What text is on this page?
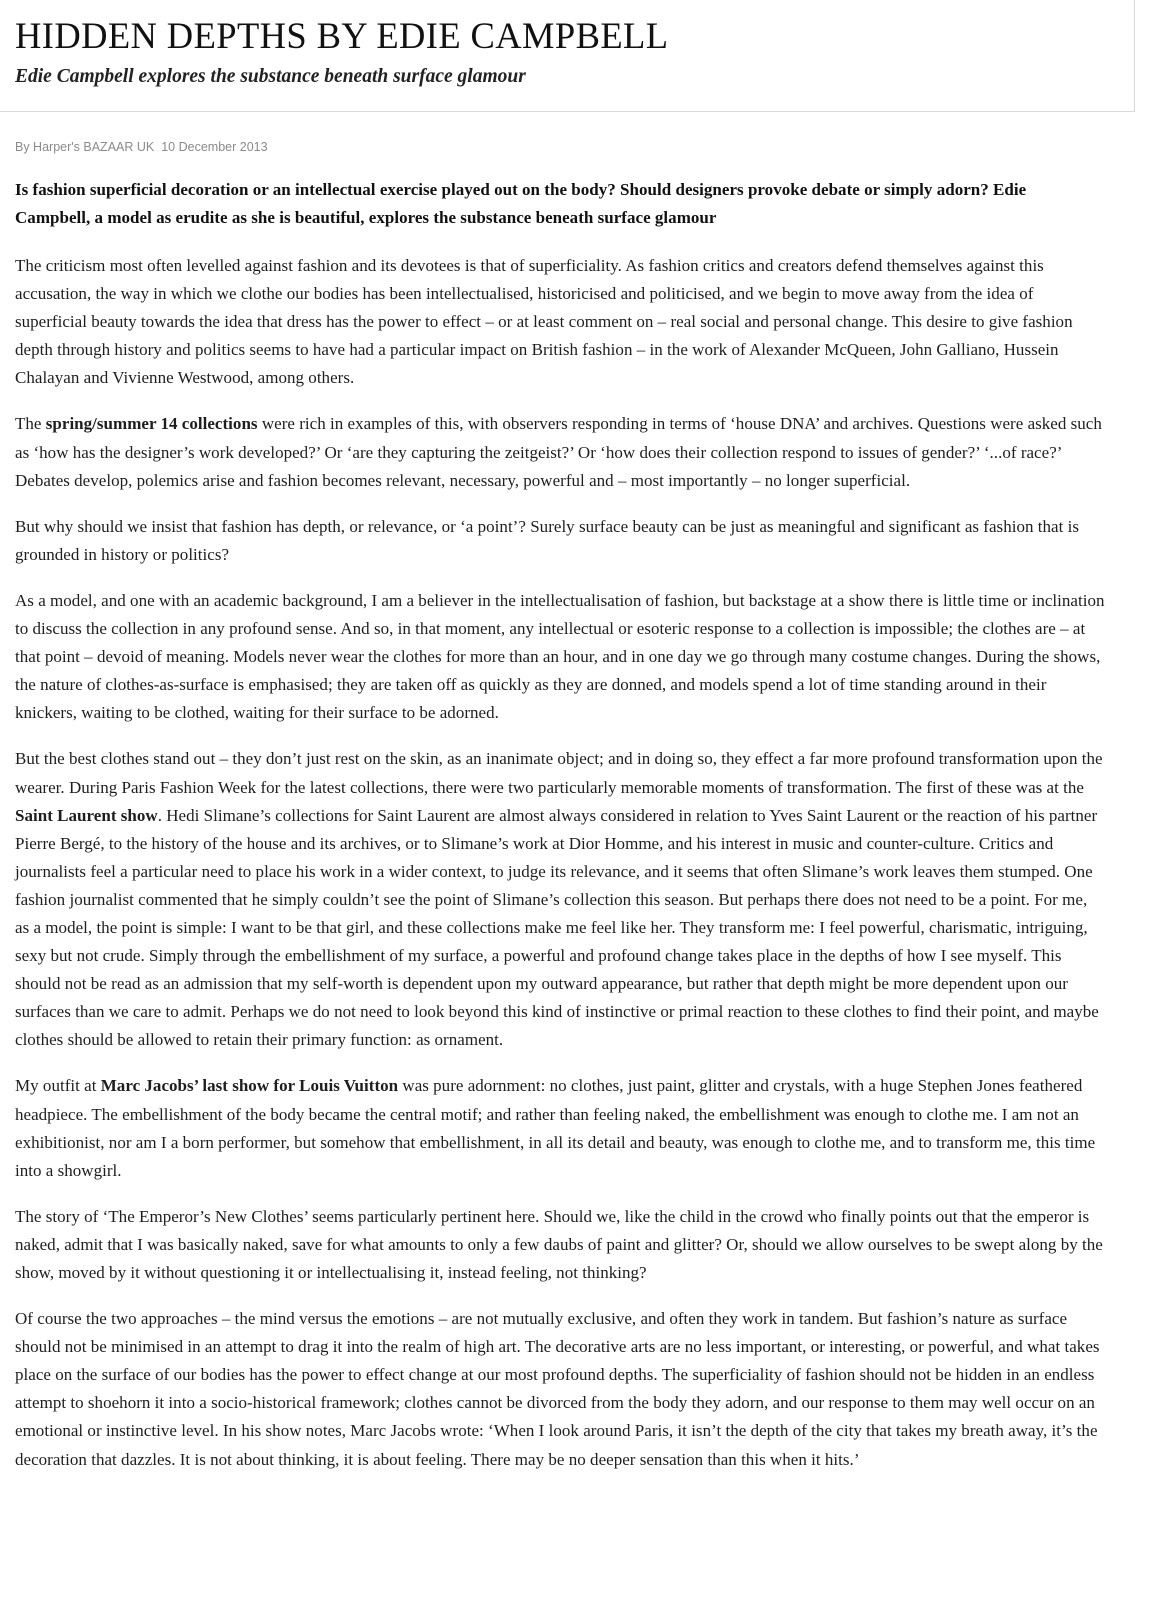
HIDDEN DEPTHS BY EDIE CAMPBELL
Edie Campbell explores the substance beneath surface glamour
By Harper's BAZAAR UK 10 December 2013

Is fashion superficial decoration or an intellectual exercise played out on the body? Should designers provoke debate or simply adorn? Edie Campbell, a model as erudite as she is beautiful, explores the substance beneath surface glamour

The criticism most often levelled against fashion and its devotees is that of superficiality. As fashion critics and creators defend themselves against this accusation, the way in which we clothe our bodies has been intellectualised, historicised and politicised, and we begin to move away from the idea of superficial beauty towards the idea that dress has the power to effect – or at least comment on – real social and personal change. This desire to give fashion depth through history and politics seems to have had a particular impact on British fashion – in the work of Alexander McQueen, John Galliano, Hussein Chalayan and Vivienne Westwood, among others.

The spring/summer 14 collections were rich in examples of this, with observers responding in terms of ‘house DNA’ and archives. Questions were asked such as ‘how has the designer’s work developed?’ Or ‘are they capturing the zeitgeist?’ Or ‘how does their collection respond to issues of gender?’ ‘...of race?’ Debates develop, polemics arise and fashion becomes relevant, necessary, powerful and – most importantly – no longer superficial.

But why should we insist that fashion has depth, or relevance, or ‘a point’? Surely surface beauty can be just as meaningful and significant as fashion that is grounded in history or politics?

As a model, and one with an academic background, I am a believer in the intellectualisation of fashion, but backstage at a show there is little time or inclination to discuss the collection in any profound sense. And so, in that moment, any intellectual or esoteric response to a collection is impossible; the clothes are – at that point – devoid of meaning. Models never wear the clothes for more than an hour, and in one day we go through many costume changes. During the shows, the nature of clothes-as-surface is emphasised; they are taken off as quickly as they are donned, and models spend a lot of time standing around in their knickers, waiting to be clothed, waiting for their surface to be adorned.

But the best clothes stand out – they don’t just rest on the skin, as an inanimate object; and in doing so, they effect a far more profound transformation upon the wearer. During Paris Fashion Week for the latest collections, there were two particularly memorable moments of transformation. The first of these was at the Saint Laurent show. Hedi Slimane’s collections for Saint Laurent are almost always considered in relation to Yves Saint Laurent or the reaction of his partner Pierre Bergé, to the history of the house and its archives, or to Slimane’s work at Dior Homme, and his interest in music and counter-culture. Critics and journalists feel a particular need to place his work in a wider context, to judge its relevance, and it seems that often Slimane’s work leaves them stumped. One fashion journalist commented that he simply couldn’t see the point of Slimane’s collection this season. But perhaps there does not need to be a point. For me, as a model, the point is simple: I want to be that girl, and these collections make me feel like her. They transform me: I feel powerful, charismatic, intriguing, sexy but not crude. Simply through the embellishment of my surface, a powerful and profound change takes place in the depths of how I see myself. This should not be read as an admission that my self-worth is dependent upon my outward appearance, but rather that depth might be more dependent upon our surfaces than we care to admit. Perhaps we do not need to look beyond this kind of instinctive or primal reaction to these clothes to find their point, and maybe clothes should be allowed to retain their primary function: as ornament.

My outfit at Marc Jacobs’ last show for Louis Vuitton was pure adornment: no clothes, just paint, glitter and crystals, with a huge Stephen Jones feathered headpiece. The embellishment of the body became the central motif; and rather than feeling naked, the embellishment was enough to clothe me. I am not an exhibitionist, nor am I a born performer, but somehow that embellishment, in all its detail and beauty, was enough to clothe me, and to transform me, this time into a showgirl.

The story of ‘The Emperor’s New Clothes’ seems particularly pertinent here. Should we, like the child in the crowd who finally points out that the emperor is naked, admit that I was basically naked, save for what amounts to only a few daubs of paint and glitter? Or, should we allow ourselves to be swept along by the show, moved by it without questioning it or intellectualising it, instead feeling, not thinking?

Of course the two approaches – the mind versus the emotions – are not mutually exclusive, and often they work in tandem. But fashion’s nature as surface should not be minimised in an attempt to drag it into the realm of high art. The decorative arts are no less important, or interesting, or powerful, and what takes place on the surface of our bodies has the power to effect change at our most profound depths. The superficiality of fashion should not be hidden in an endless attempt to shoehorn it into a socio-historical framework; clothes cannot be divorced from the body they adorn, and our response to them may well occur on an emotional or instinctive level. In his show notes, Marc Jacobs wrote: ‘When I look around Paris, it isn’t the depth of the city that takes my breath away, it’s the decoration that dazzles. It is not about thinking, it is about feeling. There may be no deeper sensation than this when it hits.’
